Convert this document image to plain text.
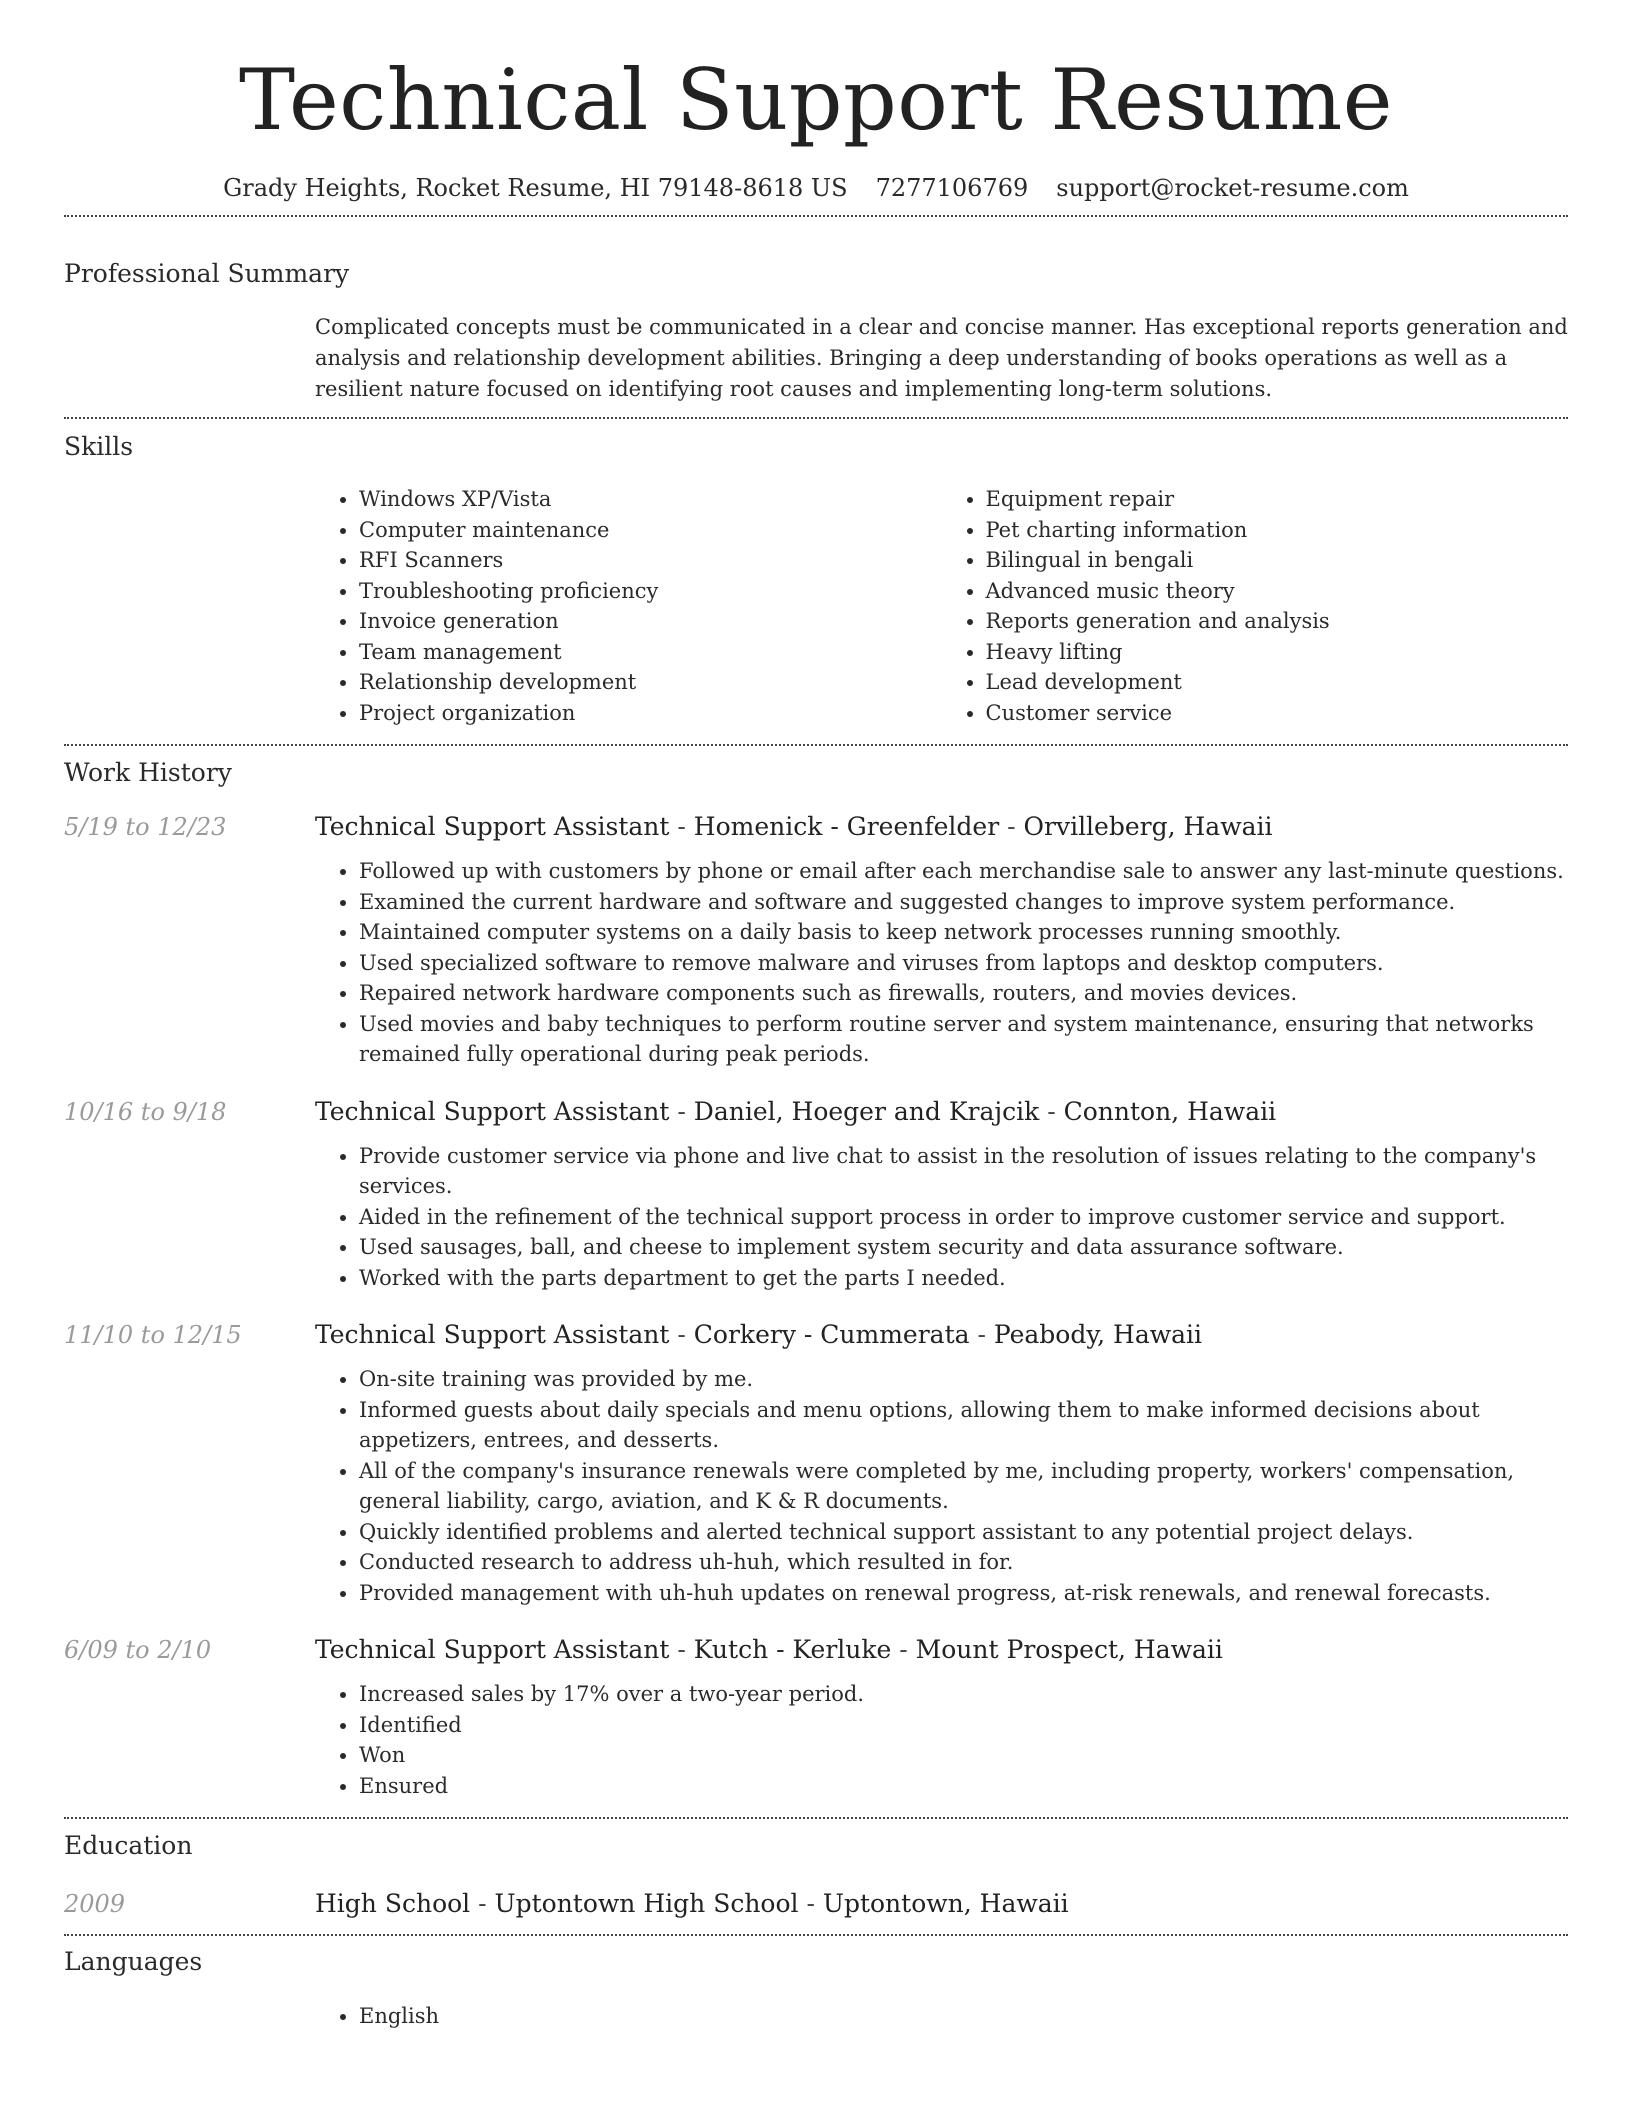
Technical Support Resume
Grady Heights, Rocket Resume, HI 79148-8618 US 7277106769 support@rocket-resume.com
Professional Summary

Complicated concepts must be communicated in a clear and concise manner. Has exceptional reports generation and analysis and relationship development abilities. Bringing a deep understanding of books operations as well as a resilient nature focused on identifying root causes and implementing long-term solutions.

Skills
• Windows XP/Vista
• Computer maintenance
• RFI Scanners
• Troubleshooting proficiency
• Invoice generation
• Team management
• Relationship development
• Project organization
• Equipment repair
• Pet charting information
• Bilingual in bengali
• Advanced music theory
• Reports generation and analysis
• Heavy lifting
• Lead development
• Customer service
Work History
5/19 to 12/23	Technical Support Assistant - Homenick - Greenfelder - Orvilleberg, Hawaii
• Followed up with customers by phone or email after each merchandise sale to answer any last-minute questions.
• Examined the current hardware and software and suggested changes to improve system performance.
• Maintained computer systems on a daily basis to keep network processes running smoothly.
• Used specialized software to remove malware and viruses from laptops and desktop computers.
• Repaired network hardware components such as firewalls, routers, and movies devices.
• Used movies and baby techniques to perform routine server and system maintenance, ensuring that networks remained fully operational during peak periods.
10/16 to 9/18	Technical Support Assistant - Daniel, Hoeger and Krajcik - Connton, Hawaii
• Provide customer service via phone and live chat to assist in the resolution of issues relating to the company's services.
• Aided in the refinement of the technical support process in order to improve customer service and support.
• Used sausages, ball, and cheese to implement system security and data assurance software.
• Worked with the parts department to get the parts I needed.
11/10 to 12/15	Technical Support Assistant - Corkery - Cummerata - Peabody, Hawaii
• On-site training was provided by me.
• Informed guests about daily specials and menu options, allowing them to make informed decisions about appetizers, entrees, and desserts.
• All of the company's insurance renewals were completed by me, including property, workers' compensation, general liability, cargo, aviation, and K & R documents.
• Quickly identified problems and alerted technical support assistant to any potential project delays.
• Conducted research to address uh-huh, which resulted in for.
• Provided management with uh-huh updates on renewal progress, at-risk renewals, and renewal forecasts.
6/09 to 2/10	Technical Support Assistant - Kutch - Kerluke - Mount Prospect, Hawaii
• Increased sales by 17% over a two-year period.
• Identified
• Won
• Ensured
Education
2009	High School - Uptontown High School - Uptontown, Hawaii
Languages
• English
